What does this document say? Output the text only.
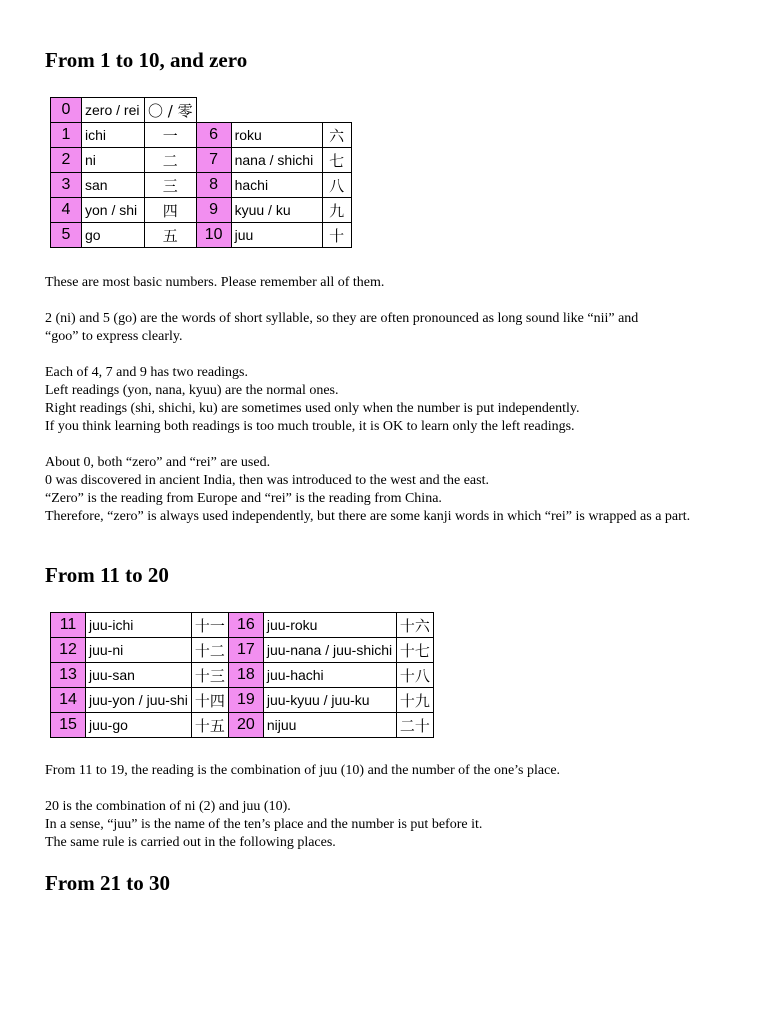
From 1 to 10, and zero
0	zero / rei	〇 / 零			
1	ichi	一	6	roku	六
2	ni	二	7	nana / shichi	七
3	san	三	8	hachi	八
4	yon / shi	四	9	kyuu / ku	九
5	go	五	10	juu	十
These are most basic numbers. Please remember all of them.
2 (ni) and 5 (go) are the words of short syllable, so they are often pronounced as long sound like “nii” and
“goo” to express clearly.
Each of 4, 7 and 9 has two readings.
Left readings (yon, nana, kyuu) are the normal ones.
Right readings (shi, shichi, ku) are sometimes used only when the number is put independently.
If you think learning both readings is too much trouble, it is OK to learn only the left readings.
About 0, both “zero” and “rei” are used.
0 was discovered in ancient India, then was introduced to the west and the east.
“Zero” is the reading from Europe and “rei” is the reading from China.
Therefore, “zero” is always used independently, but there are some kanji words in which “rei” is wrapped as a part.
From 11 to 20
11	juu-ichi	十一	16	juu-roku	十六
12	juu-ni	十二	17	juu-nana / juu-shichi	十七
13	juu-san	十三	18	juu-hachi	十八
14	juu-yon / juu-shi	十四	19	juu-kyuu / juu-ku	十九
15	juu-go	十五	20	nijuu	二十
From 11 to 19, the reading is the combination of juu (10) and the number of the one’s place.
20 is the combination of ni (2) and juu (10).
In a sense, “juu” is the name of the ten’s place and the number is put before it.
The same rule is carried out in the following places.
From 21 to 30
